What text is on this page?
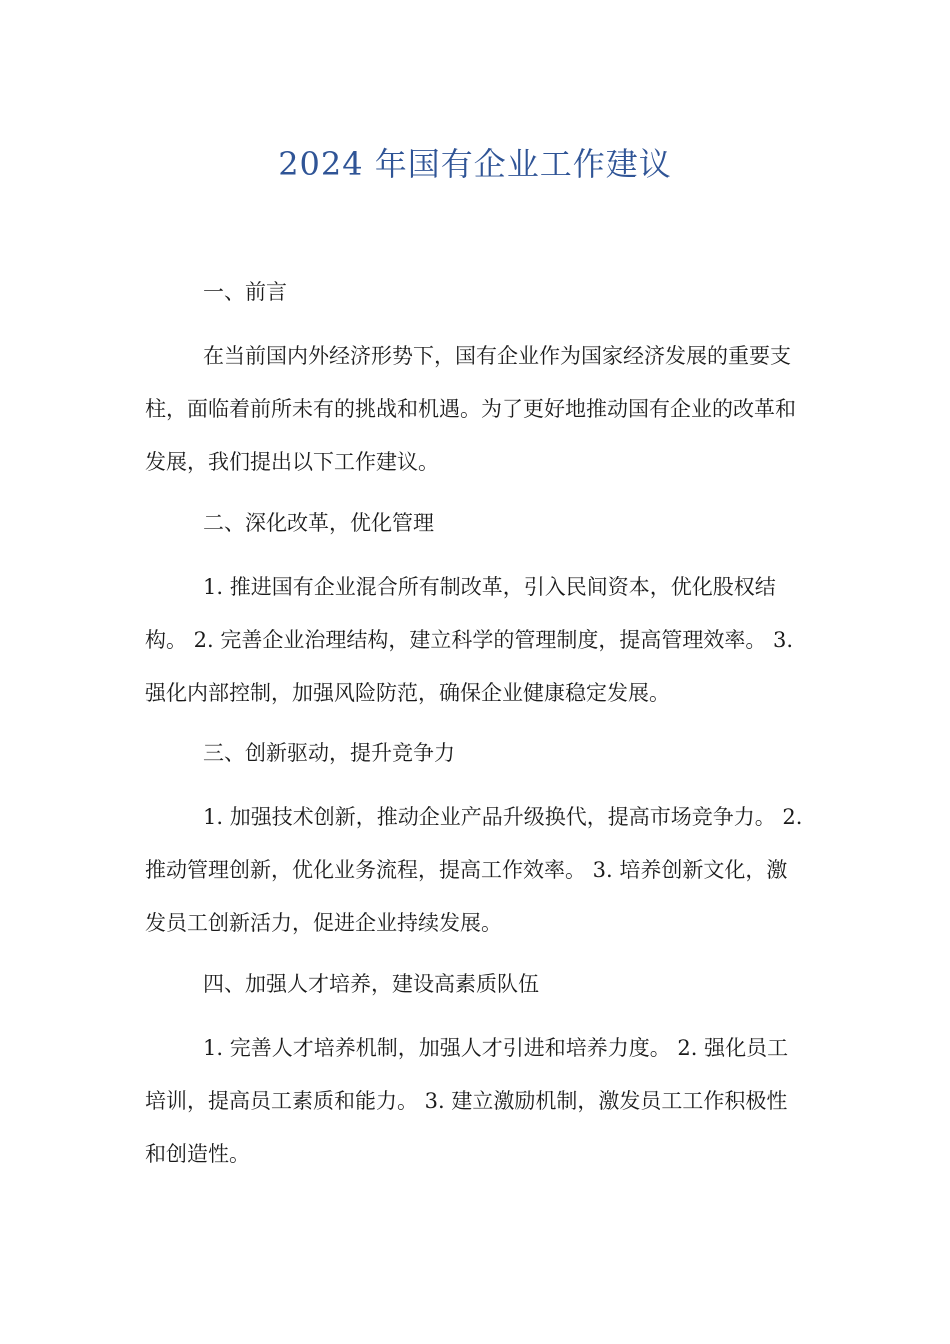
2024 年国有企业工作建议
一、前言
在当前国内外经济形势下，国有企业作为国家经济发展的重要支柱，面临着前所未有的挑战和机遇。为了更好地推动国有企业的改革和发展，我们提出以下工作建议。
二、深化改革，优化管理
1. 推进国有企业混合所有制改革，引入民间资本，优化股权结构。 2. 完善企业治理结构，建立科学的管理制度，提高管理效率。 3. 强化内部控制，加强风险防范，确保企业健康稳定发展。
三、创新驱动，提升竞争力
1. 加强技术创新，推动企业产品升级换代，提高市场竞争力。 2. 推动管理创新，优化业务流程，提高工作效率。 3. 培养创新文化，激发员工创新活力，促进企业持续发展。
四、加强人才培养，建设高素质队伍
1. 完善人才培养机制，加强人才引进和培养力度。 2. 强化员工培训，提高员工素质和能力。 3. 建立激励机制，激发员工工作积极性和创造性。
